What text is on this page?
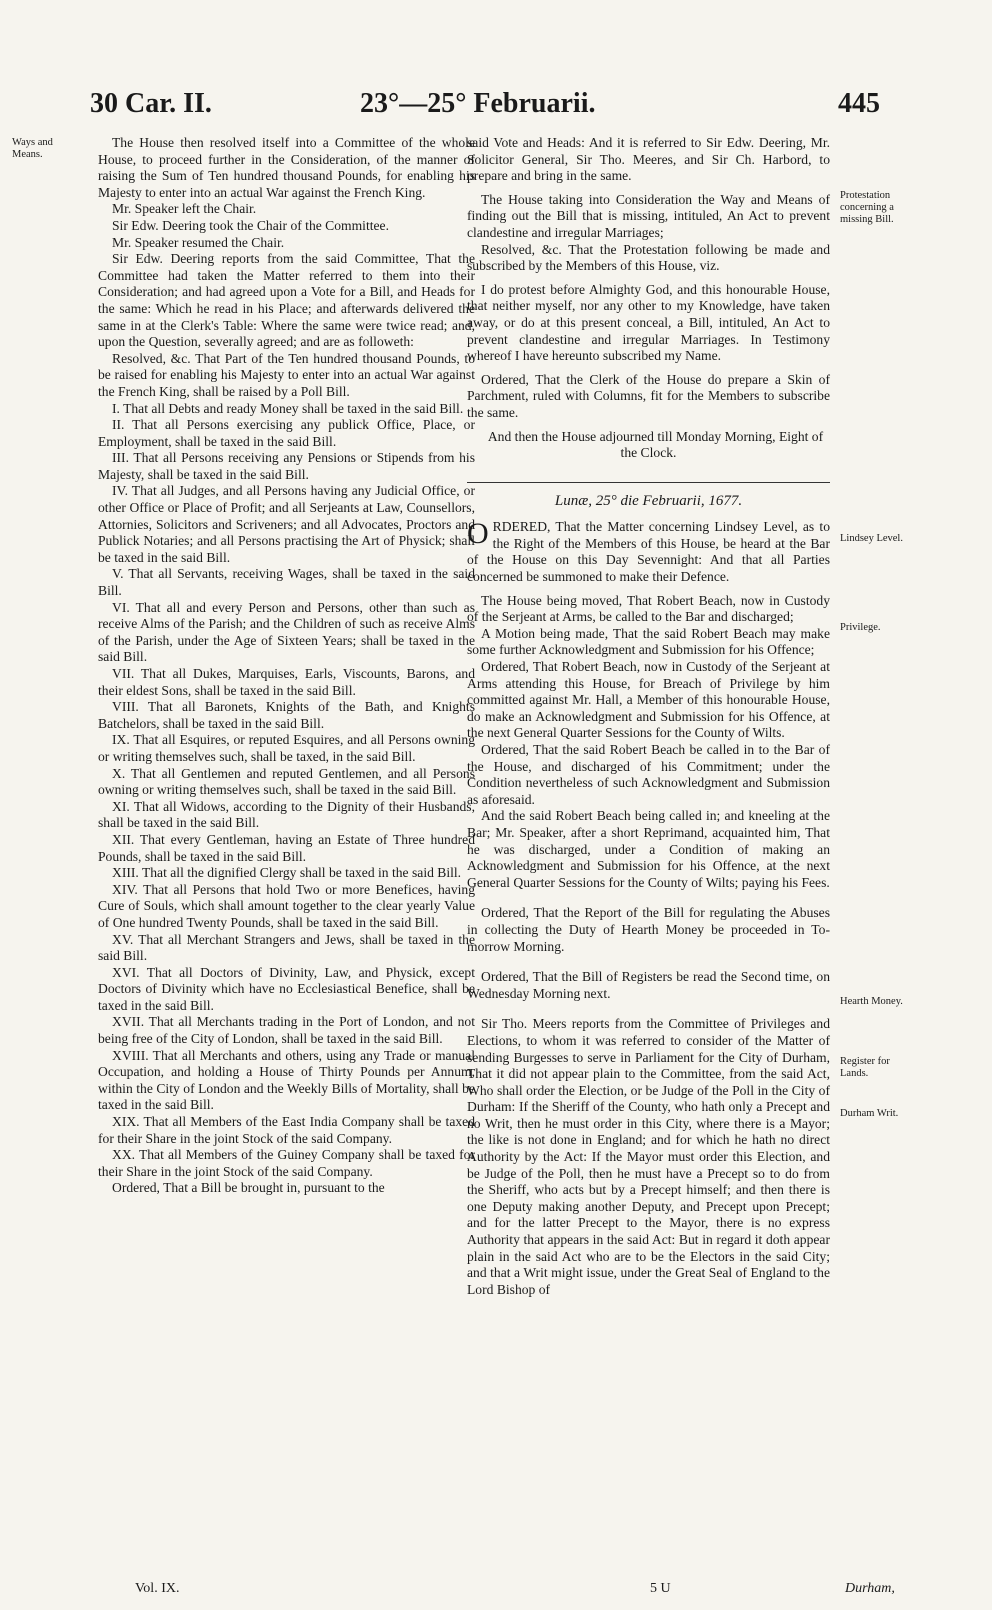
30 Car. II.	23°—25° Februarii.	445
Ways and Means.
Protestation concerning a missing Bill.
Lindsey Level.
Privilege.
Hearth Money.
Register for Lands.
Durham Writ.

The House then resolved itself into a Committee of the whole House, to proceed further in the Consideration, of the manner of raising the Sum of Ten hundred thousand Pounds, for enabling his Majesty to enter into an actual War against the French King.

Mr. Speaker left the Chair.

Sir Edw. Deering took the Chair of the Committee.

Mr. Speaker resumed the Chair.

Sir Edw. Deering reports from the said Committee, That the Committee had taken the Matter referred to them into their Consideration; and had agreed upon a Vote for a Bill, and Heads for the same: Which he read in his Place; and afterwards delivered the same in at the Clerk's Table: Where the same were twice read; and, upon the Question, severally agreed; and are as followeth:

Resolved, &c. That Part of the Ten hundred thousand Pounds, to be raised for enabling his Majesty to enter into an actual War against the French King, shall be raised by a Poll Bill.

I. That all Debts and ready Money shall be taxed in the said Bill.

II. That all Persons exercising any publick Office, Place, or Employment, shall be taxed in the said Bill.

III. That all Persons receiving any Pensions or Stipends from his Majesty, shall be taxed in the said Bill.

IV. That all Judges, and all Persons having any Judicial Office, or other Office or Place of Profit; and all Serjeants at Law, Counsellors, Attornies, Solicitors and Scriveners; and all Advocates, Proctors and Publick Notaries; and all Persons practising the Art of Physick; shall be taxed in the said Bill.

V. That all Servants, receiving Wages, shall be taxed in the said Bill.

VI. That all and every Person and Persons, other than such as receive Alms of the Parish; and the Children of such as receive Alms of the Parish, under the Age of Sixteen Years; shall be taxed in the said Bill.

VII. That all Dukes, Marquises, Earls, Viscounts, Barons, and their eldest Sons, shall be taxed in the said Bill.

VIII. That all Baronets, Knights of the Bath, and Knights Batchelors, shall be taxed in the said Bill.

IX. That all Esquires, or reputed Esquires, and all Persons owning or writing themselves such, shall be taxed, in the said Bill.

X. That all Gentlemen and reputed Gentlemen, and all Persons owning or writing themselves such, shall be taxed in the said Bill.

XI. That all Widows, according to the Dignity of their Husbands, shall be taxed in the said Bill.

XII. That every Gentleman, having an Estate of Three hundred Pounds, shall be taxed in the said Bill.

XIII. That all the dignified Clergy shall be taxed in the said Bill.

XIV. That all Persons that hold Two or more Benefices, having Cure of Souls, which shall amount together to the clear yearly Value of One hundred Twenty Pounds, shall be taxed in the said Bill.

XV. That all Merchant Strangers and Jews, shall be taxed in the said Bill.

XVI. That all Doctors of Divinity, Law, and Physick, except Doctors of Divinity which have no Ecclesiastical Benefice, shall be taxed in the said Bill.

XVII. That all Merchants trading in the Port of London, and not being free of the City of London, shall be taxed in the said Bill.

XVIII. That all Merchants and others, using any Trade or manual Occupation, and holding a House of Thirty Pounds per Annum, within the City of London and the Weekly Bills of Mortality, shall be taxed in the said Bill.

XIX. That all Members of the East India Company shall be taxed for their Share in the joint Stock of the said Company.

XX. That all Members of the Guiney Company shall be taxed for their Share in the joint Stock of the said Company.

Ordered, That a Bill be brought in, pursuant to the

said Vote and Heads: And it is referred to Sir Edw. Deering, Mr. Solicitor General, Sir Tho. Meeres, and Sir Ch. Harbord, to prepare and bring in the same.

The House taking into Consideration the Way and Means of finding out the Bill that is missing, intituled, An Act to prevent clandestine and irregular Marriages;

Resolved, &c. That the Protestation following be made and subscribed by the Members of this House, viz.

I do protest before Almighty God, and this honourable House, that neither myself, nor any other to my Knowledge, have taken away, or do at this present conceal, a Bill, intituled, An Act to prevent clandestine and irregular Marriages. In Testimony whereof I have hereunto subscribed my Name.

Ordered, That the Clerk of the House do prepare a Skin of Parchment, ruled with Columns, fit for the Members to subscribe the same.

And then the House adjourned till Monday Morning, Eight of the Clock.

Lunæ, 25° die Februarii, 1677.

ORDERED, That the Matter concerning Lindsey Level, as to the Right of the Members of this House, be heard at the Bar of the House on this Day Sevennight: And that all Parties concerned be summoned to make their Defence.

The House being moved, That Robert Beach, now in Custody of the Serjeant at Arms, be called to the Bar and discharged;

A Motion being made, That the said Robert Beach may make some further Acknowledgment and Submission for his Offence;

Ordered, That Robert Beach, now in Custody of the Serjeant at Arms attending this House, for Breach of Privilege by him committed against Mr. Hall, a Member of this honourable House, do make an Acknowledgment and Submission for his Offence, at the next General Quarter Sessions for the County of Wilts.

Ordered, That the said Robert Beach be called in to the Bar of the House, and discharged of his Commitment; under the Condition nevertheless of such Acknowledgment and Submission as aforesaid.

And the said Robert Beach being called in; and kneeling at the Bar; Mr. Speaker, after a short Reprimand, acquainted him, That he was discharged, under a Condition of making an Acknowledgment and Submission for his Offence, at the next General Quarter Sessions for the County of Wilts; paying his Fees.

Ordered, That the Report of the Bill for regulating the Abuses in collecting the Duty of Hearth Money be proceeded in To-morrow Morning.

Ordered, That the Bill of Registers be read the Second time, on Wednesday Morning next.

Sir Tho. Meers reports from the Committee of Privileges and Elections, to whom it was referred to consider of the Matter of sending Burgesses to serve in Parliament for the City of Durham, That it did not appear plain to the Committee, from the said Act, Who shall order the Election, or be Judge of the Poll in the City of Durham: If the Sheriff of the County, who hath only a Precept and no Writ, then he must order in this City, where there is a Mayor; the like is not done in England; and for which he hath no direct Authority by the Act: If the Mayor must order this Election, and be Judge of the Poll, then he must have a Precept so to do from the Sheriff, who acts but by a Precept himself; and then there is one Deputy making another Deputy, and Precept upon Precept; and for the latter Precept to the Mayor, there is no express Authority that appears in the said Act: But in regard it doth appear plain in the said Act who are to be the Electors in the said City; and that a Writ might issue, under the Great Seal of England to the Lord Bishop of

Vol. IX.	5 U	Durham,
